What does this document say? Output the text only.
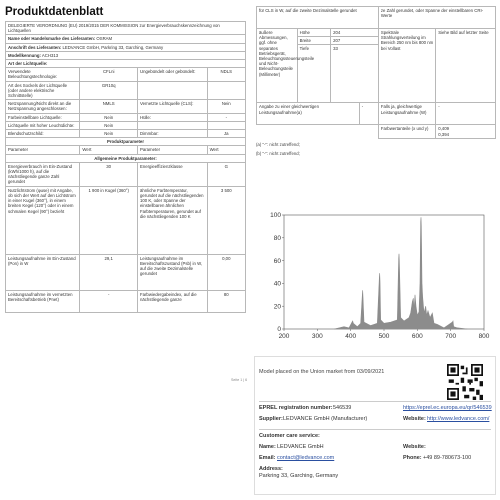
Produktdatenblatt
DELEGIERTE VERORDNUNG (EU) 2019/2015 DER KOMMISSION zur Energieverbrauchskennzeichnung von Lichtquellen			
Name oder Handelsmarke des Lieferanten: OSRAM			
Anschrift des Lieferanten: LEDVANCE GmbH, Parkring 33, Garching, Germany			
Modellkennung: ACH313			
Art der Lichtquelle:			
Verwendete Beleuchtungstechnologie:	CFLni	Ungebündelt oder gebündelt:	NDLS
Art des Sockels der Lichtquelle (oder andere elektrische Schnittstelle)	GR10q		
Netzspannung/Nicht direkt an die Netzspannung angeschlossen:	NMLS	Vernetzte Lichtquelle (CLS):	Nein
Farbeinstellbare Lichtquelle:	Nein	Hülle:	-
Lichtquelle mit hoher Leuchtdichte:	Nein		
Blendschutzschild:	Nein	Dimmbar:	Ja
Produktparameter			
Parameter	Wert	Parameter	Wert
Allgemeine Produktparameter:			
Energieverbrauch im Ein-Zustand (kWh/1000 h), auf die nächstliegende ganze Zahl gerundet	30	Energieeffizienzklasse	G
Nutzlichtstrom (φuse) mit Angabe, ob sich der Wert auf den Lichtstrom in einer Kugel (360°), in einem breiten Kegel (120°) oder in einem schmalen Kegel (90°) bezieht	1 900 in Kugel (360°)	ähnliche Farbtemperatur, gerundet auf die nächstliegenden 100 K, oder Spanne der einstellbaren ähnlichen Farbtemperaturen, gerundet auf die nächstliegenden 100 K	3 500
Leistungsaufnahme im Ein-Zustand (Pon) in W	29,1	Leistungsaufnahme im Bereitschaftszustand (Psb) in W, auf die zweite Dezimalstelle gerundet	0,00
Leistungsaufnahme im vernetzten Bereitschaftsbetrieb (Pnet)	-	Farbwiedergabeindex, auf die nächstliegende ganze	80
Seite 1 | 6
für CLS in W, auf die zweite Dezimalstelle gerundet				ze Zahl gerundet, oder Spanne der einstellbaren CRI-Werte	
äußere Abmessungen, ggf. ohne separates Betriebsgerät, Beleuchtungssteuerungsteile und Nicht-Beleuchtungsteile (Millimeter)	Höhe	204		Spektrale Strahlungsverteilung im Bereich 250 nm bis 800 nm bei Vollast	Siehe Bild auf letzter Seite
	Breite	207			
	Tiefe	33			
Angabe zu einer gleichwertigen Leistungsaufnahme(a)			-	Falls ja, gleichwertige Leistungsaufnahme (W)	-
				Farbwertanteile (x und y)	0,409
0,394
(a) "-": nicht zutreffend;
(b) "-": nicht zutreffend;
0
20
40
60
80
100
200	300	400	500	600	700	800
Model placed on the Union market from 03/09/2021
EPREL registration number: 546539	https://eprel.ec.europa.eu/qr/546539
Supplier: LEDVANCE GmbH (Manufacturer)	Website: http://www.ledvance.com/
Customer care service:
Name: LEDVANCE GmbH	Website:
Email: contact@ledvance.com	Phone: +49 89-780673-100
Address:
Parkring 33, Garching, Germany
